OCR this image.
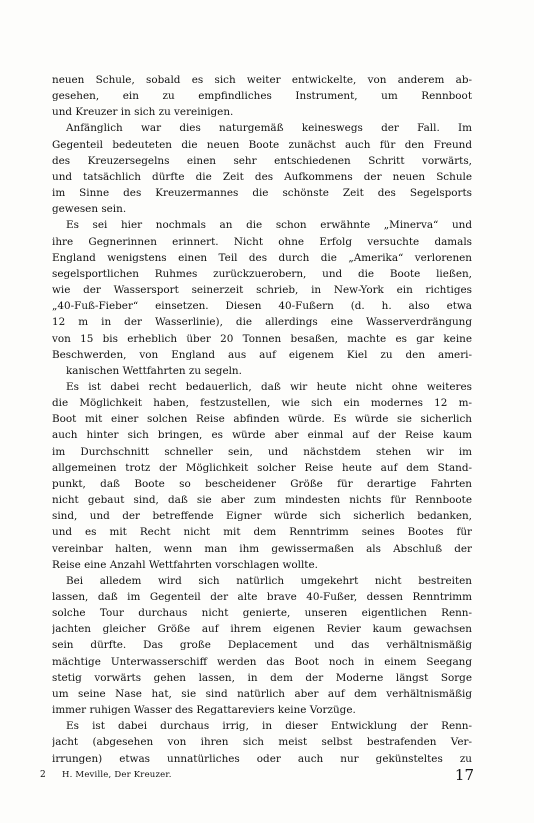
neuen Schule, sobald es sich weiter entwickelte, von anderem ab-
gesehen, ein zu empfindliches Instrument, um Rennboot
und Kreuzer in sich zu vereinigen.

Anfänglich war dies naturgemäß keineswegs der Fall. Im
Gegenteil bedeuteten die neuen Boote zunächst auch für den Freund
des Kreuzersegelns einen sehr entschiedenen Schritt vorwärts,
und tatsächlich dürfte die Zeit des Aufkommens der neuen Schule
im Sinne des Kreuzermannes die schönste Zeit des Segelsports
gewesen sein.

Es sei hier nochmals an die schon erwähnte „Minerva“ und
ihre Gegnerinnen erinnert. Nicht ohne Erfolg versuchte damals
England wenigstens einen Teil des durch die „Amerika“ verlorenen
segelsportlichen Ruhmes zurückzuerobern, und die Boote ließen,
wie der Wassersport seinerzeit schrieb, in New-York ein richtiges
„40-Fuß-Fieber“ einsetzen. Diesen 40-Fußern (d. h. also etwa
12 m in der Wasserlinie), die allerdings eine Wasserverdrängung
von 15 bis erheblich über 20 Tonnen besaßen, machte es gar keine
Beschwerden, von England aus auf eigenem Kiel zu den ameri-
kanischen Wettfahrten zu segeln.

Es ist dabei recht bedauerlich, daß wir heute nicht ohne weiteres
die Möglichkeit haben, festzustellen, wie sich ein modernes 12 m-
Boot mit einer solchen Reise abfinden würde. Es würde sie sicherlich
auch hinter sich bringen, es würde aber einmal auf der Reise kaum
im Durchschnitt schneller sein, und nächstdem stehen wir im
allgemeinen trotz der Möglichkeit solcher Reise heute auf dem Stand-
punkt, daß Boote so bescheidener Größe für derartige Fahrten
nicht gebaut sind, daß sie aber zum mindesten nichts für Rennboote
sind, und der betreffende Eigner würde sich sicherlich bedanken,
und es mit Recht nicht mit dem Renntrimm seines Bootes für
vereinbar halten, wenn man ihm gewissermaßen als Abschluß der
Reise eine Anzahl Wettfahrten vorschlagen wollte.

Bei alledem wird sich natürlich umgekehrt nicht bestreiten
lassen, daß im Gegenteil der alte brave 40-Fußer, dessen Renntrimm
solche Tour durchaus nicht genierte, unseren eigentlichen Renn-
jachten gleicher Größe auf ihrem eigenen Revier kaum gewachsen
sein dürfte. Das große Deplacement und das verhältnismäßig
mächtige Unterwasserschiff werden das Boot noch in einem Seegang
stetig vorwärts gehen lassen, in dem der Moderne längst Sorge
um seine Nase hat, sie sind natürlich aber auf dem verhältnismäßig
immer ruhigen Wasser des Regattareviers keine Vorzüge.

Es ist dabei durchaus irrig, in dieser Entwicklung der Renn-
jacht (abgesehen von ihren sich meist selbst bestrafenden Ver-
irrungen) etwas unnatürliches oder auch nur gekünsteltes zu

2 H. Meville, Der Kreuzer.	17
